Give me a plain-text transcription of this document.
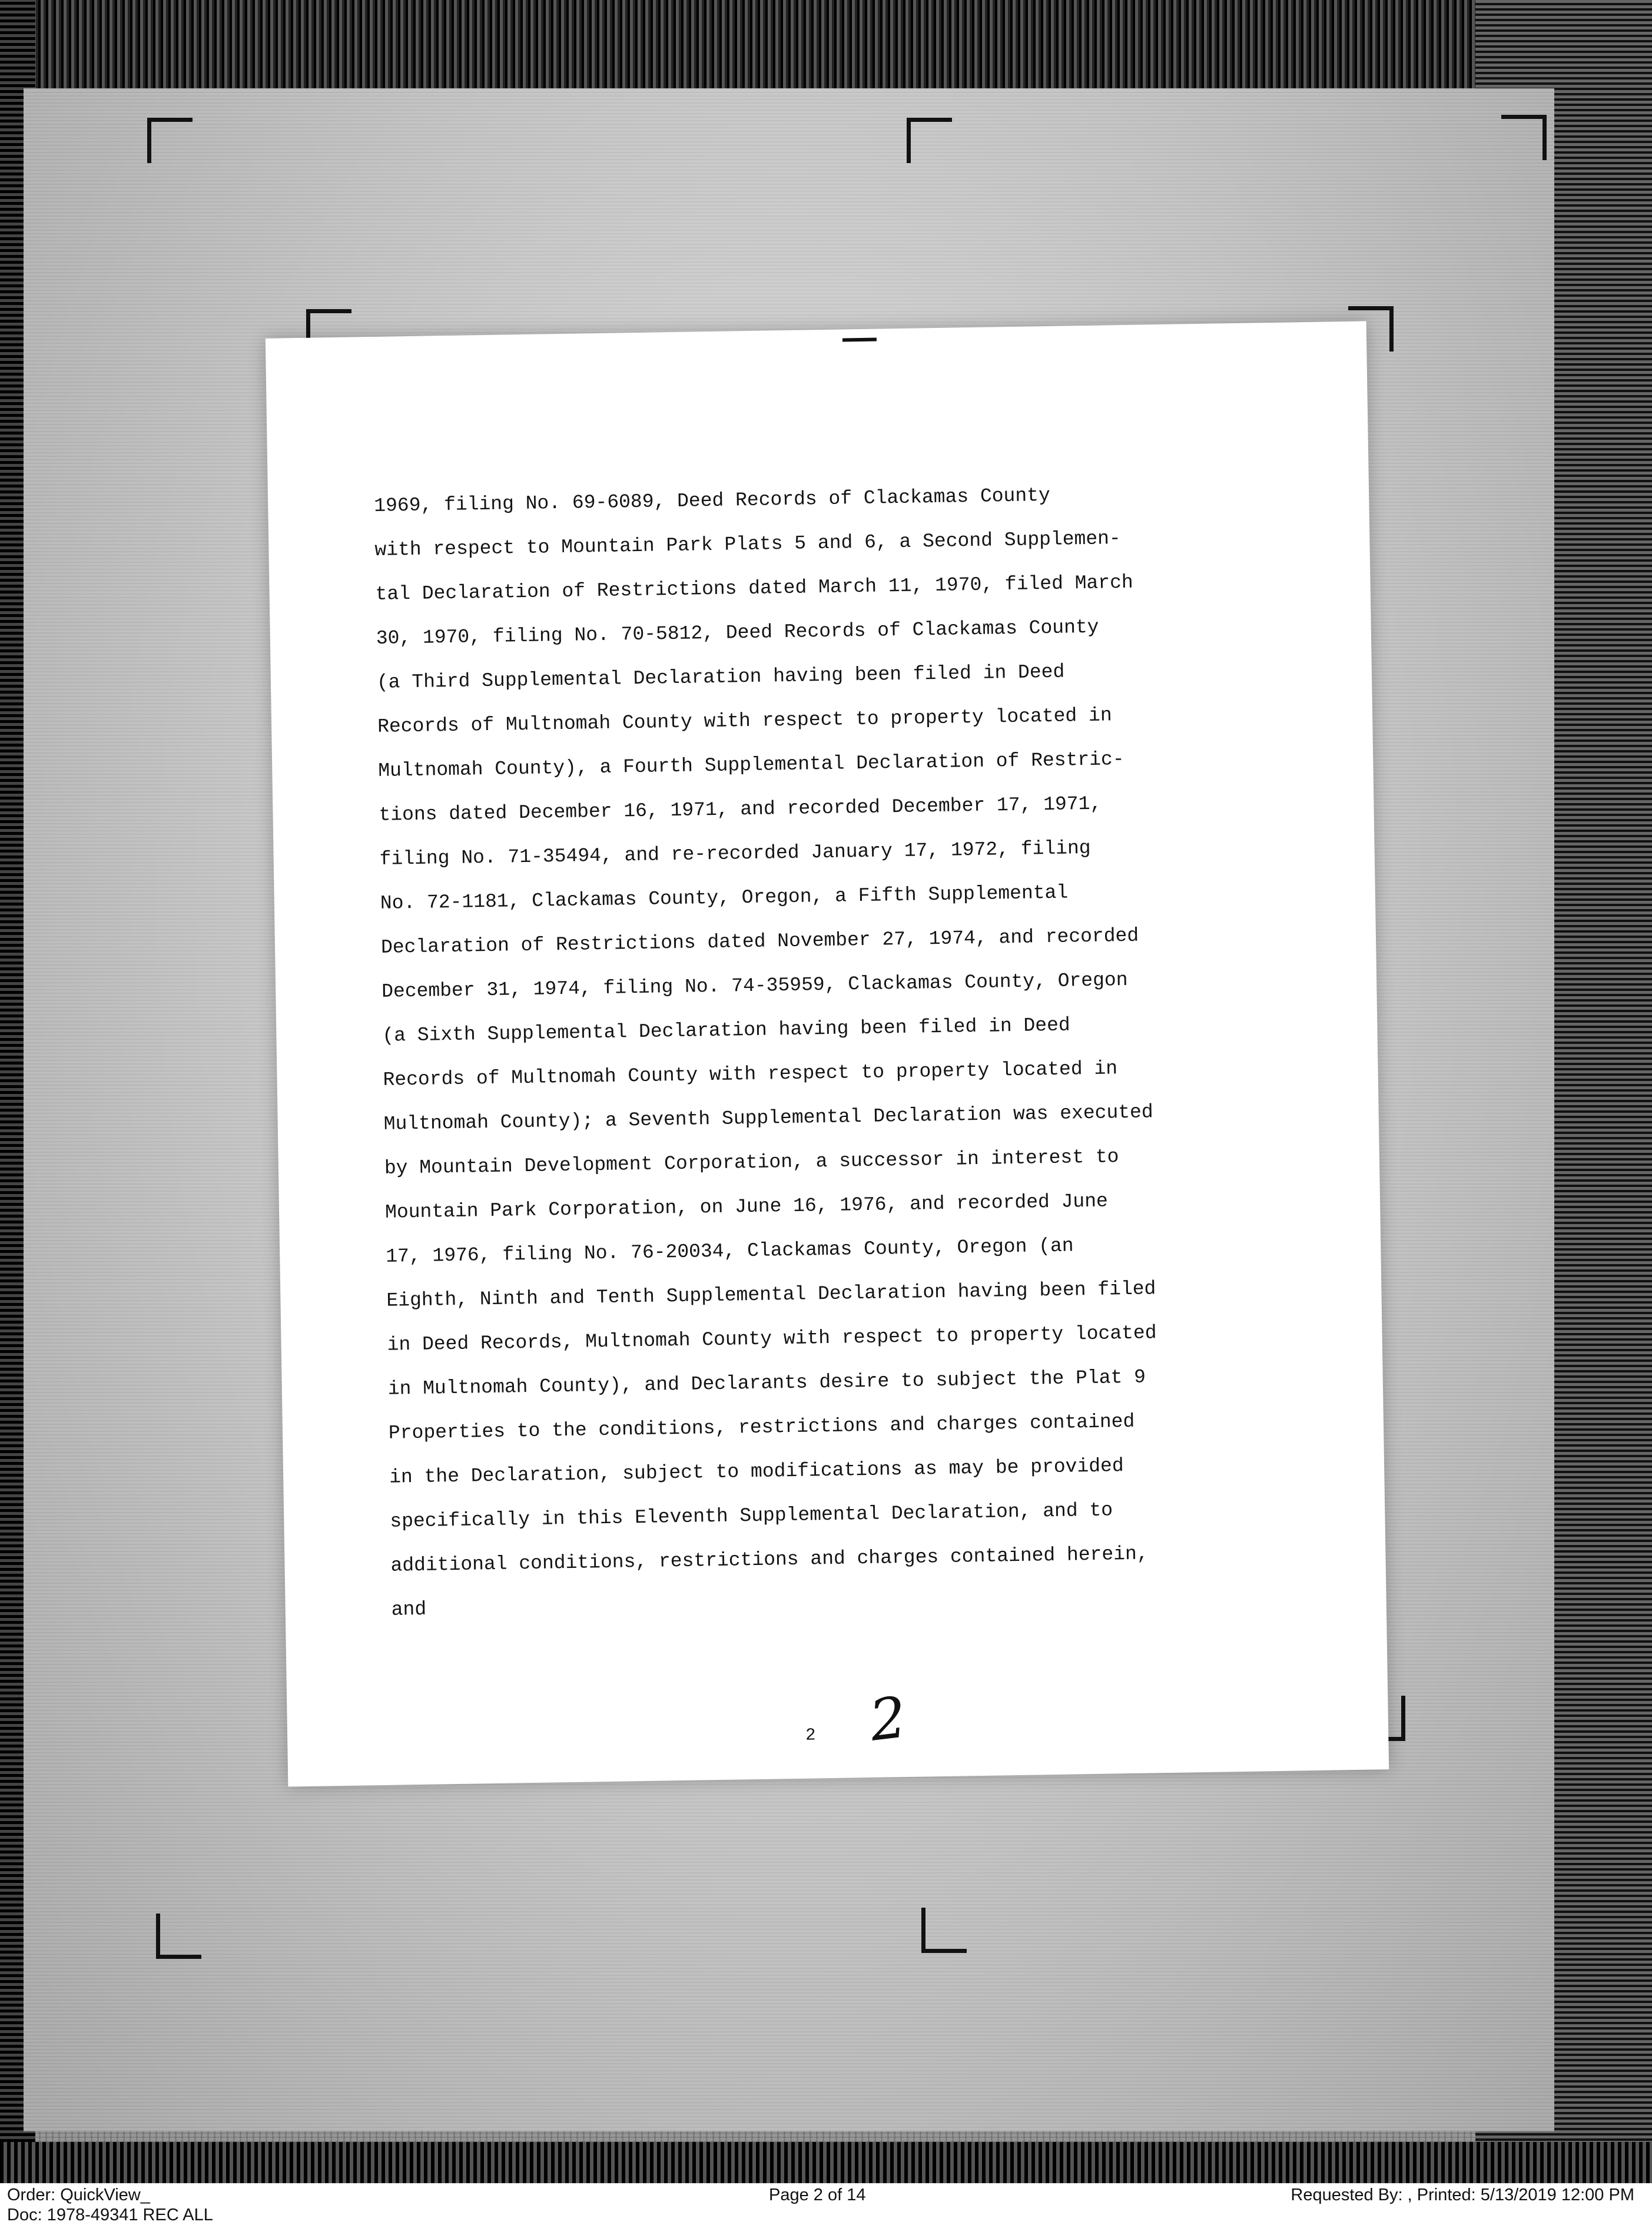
1969, filing No. 69-6089, Deed Records of Clackamas County
with respect to Mountain Park Plats 5 and 6, a Second Supplemen-
tal Declaration of Restrictions dated March 11, 1970, filed March
30, 1970, filing No. 70-5812, Deed Records of Clackamas County
(a Third Supplemental Declaration having been filed in Deed
Records of Multnomah County with respect to property located in
Multnomah County), a Fourth Supplemental Declaration of Restric-
tions dated December 16, 1971, and recorded December 17, 1971,
filing No. 71-35494, and re-recorded January 17, 1972, filing
No. 72-1181, Clackamas County, Oregon, a Fifth Supplemental
Declaration of Restrictions dated November 27, 1974, and recorded
December 31, 1974, filing No. 74-35959, Clackamas County, Oregon
(a Sixth Supplemental Declaration having been filed in Deed
Records of Multnomah County with respect to property located in
Multnomah County); a Seventh Supplemental Declaration was executed
by Mountain Development Corporation, a successor in interest to
Mountain Park Corporation, on June 16, 1976, and recorded June
17, 1976, filing No. 76-20034, Clackamas County, Oregon (an
Eighth, Ninth and Tenth Supplemental Declaration having been filed
in Deed Records, Multnomah County with respect to property located
in Multnomah County), and Declarants desire to subject the Plat 9
Properties to the conditions, restrictions and charges contained
in the Declaration, subject to modifications as may be provided
specifically in this Eleventh Supplemental Declaration, and to
additional conditions, restrictions and charges contained herein,
and
2 2
Order: QuickView_	Page 2 of 14	Requested By: , Printed: 5/13/2019 12:00 PM
Doc: 1978-49341 REC ALL
